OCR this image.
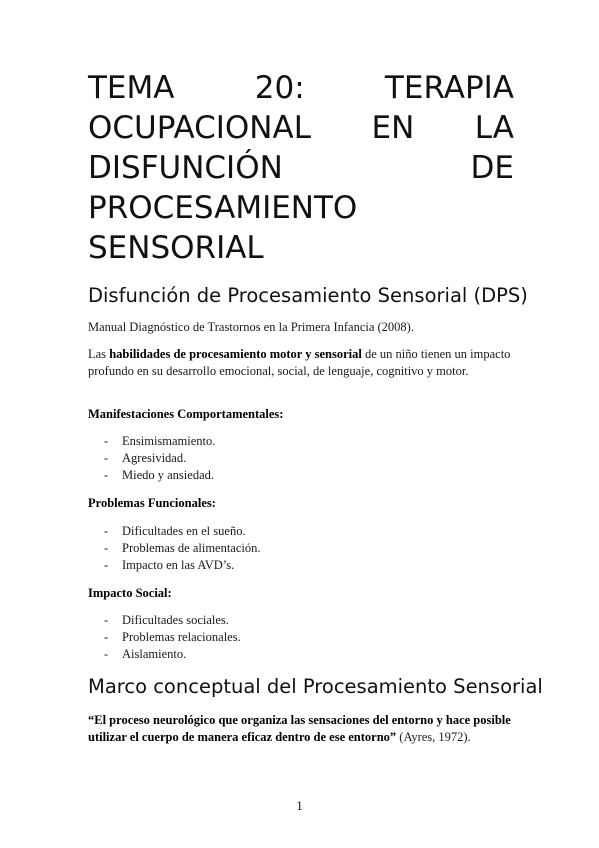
TEMA 20: TERAPIA

OCUPACIONAL EN LA

DISFUNCIÓN DE

PROCESAMIENTO

SENSORIAL

Disfunción de Procesamiento Sensorial (DPS)

Manual Diagnóstico de Trastornos en la Primera Infancia (2008).

Las habilidades de procesamiento motor y sensorial de un niño tienen un impacto profundo en su desarrollo emocional, social, de lenguaje, cognitivo y motor.

Manifestaciones Comportamentales:

- Ensimismamiento.
- Agresividad.
- Miedo y ansiedad.

Problemas Funcionales:

- Dificultades en el sueño.
- Problemas de alimentación.
- Impacto en las AVD’s.

Impacto Social:

- Dificultades sociales.
- Problemas relacionales.
- Aislamiento.
Marco conceptual del Procesamiento Sensorial

“El proceso neurológico que organiza las sensaciones del entorno y hace posible utilizar el cuerpo de manera eficaz dentro de ese entorno” (Ayres, 1972).

1
